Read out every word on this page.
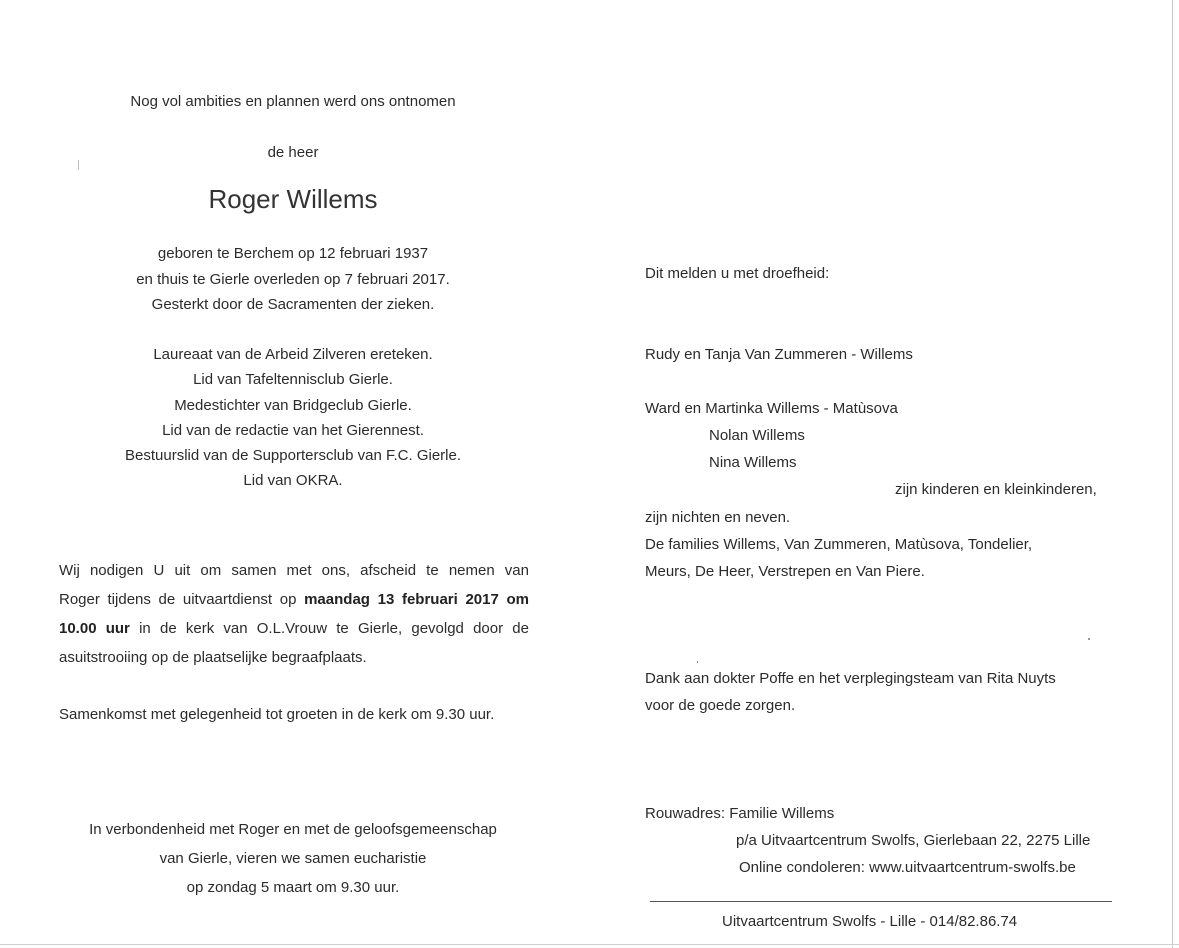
Nog vol ambities en plannen werd ons ontnomen
de heer
Roger Willems
geboren te Berchem op 12 februari 1937
en thuis te Gierle overleden op 7 februari 2017.
Gesterkt door de Sacramenten der zieken.
Laureaat van de Arbeid Zilveren ereteken.
Lid van Tafeltennisclub Gierle.
Medestichter van Bridgeclub Gierle.
Lid van de redactie van het Gierennest.
Bestuurslid van de Supportersclub van F.C. Gierle.
Lid van OKRA.
Wij nodigen U uit om samen met ons, afscheid te nemen van
Roger tijdens de uitvaartdienst op maandag 13 februari 2017 om
10.00 uur in de kerk van O.L.Vrouw te Gierle, gevolgd door de
asuitstrooiing op de plaatselijke begraafplaats.
Samenkomst met gelegenheid tot groeten in de kerk om 9.30 uur.
In verbondenheid met Roger en met de geloofsgemeenschap
van Gierle, vieren we samen eucharistie
op zondag 5 maart om 9.30 uur.
Dit melden u met droefheid:
Rudy en Tanja Van Zummeren - Willems
Ward en Martinka Willems - Matùsova
Nolan Willems
Nina Willems
zijn kinderen en kleinkinderen,
zijn nichten en neven.
De families Willems, Van Zummeren, Matùsova, Tondelier,
Meurs, De Heer, Verstrepen en Van Piere.
Dank aan dokter Poffe en het verplegingsteam van Rita Nuyts
voor de goede zorgen.
Rouwadres: Familie Willems
p/a Uitvaartcentrum Swolfs, Gierlebaan 22, 2275 Lille
Online condoleren: www.uitvaartcentrum-swolfs.be
Uitvaartcentrum Swolfs - Lille - 014/82.86.74
